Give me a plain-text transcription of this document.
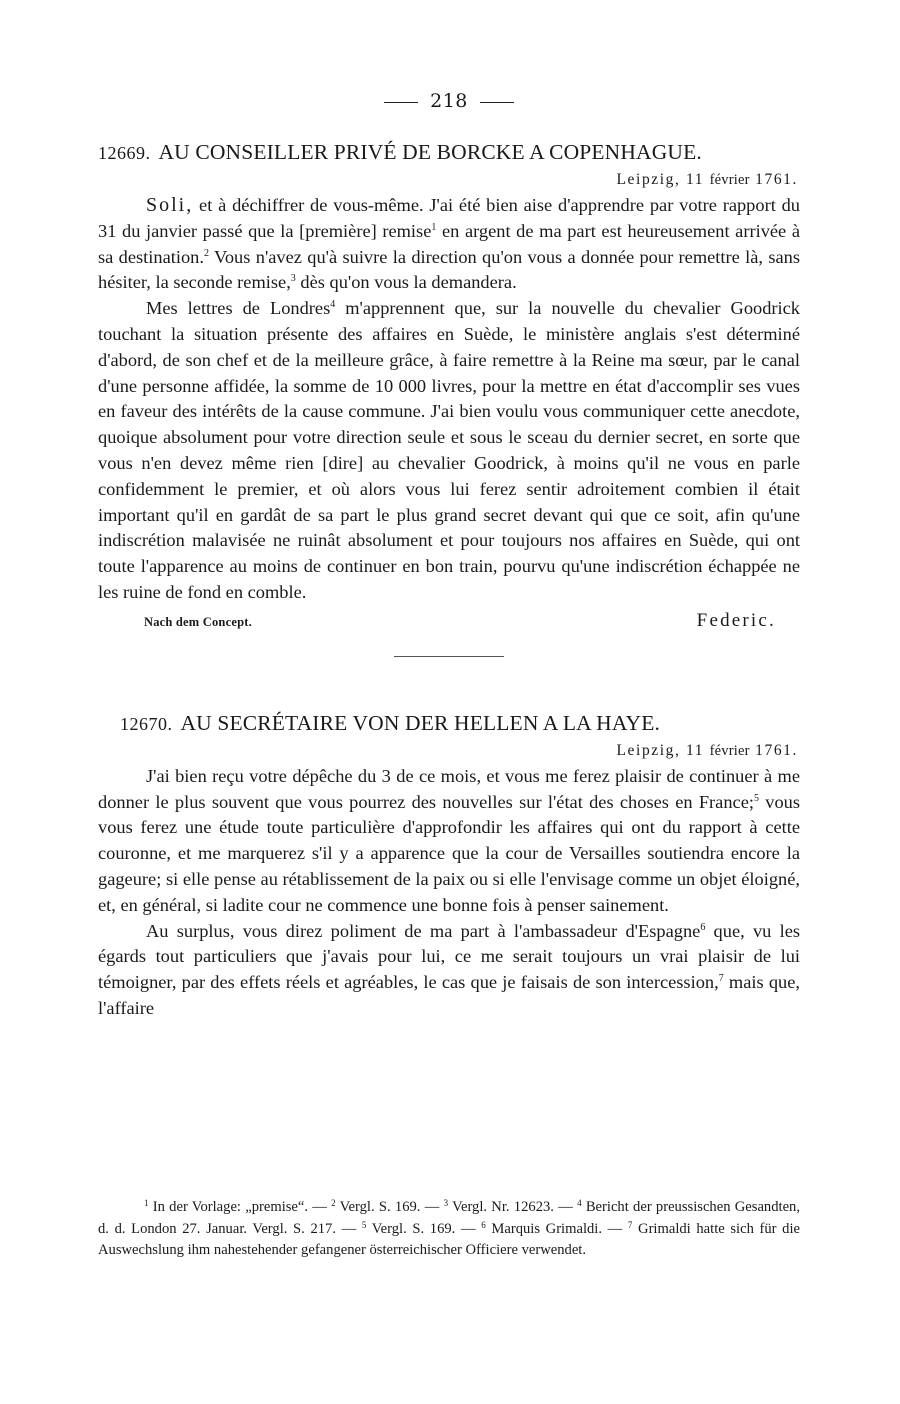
218
12669. AU CONSEILLER PRIVÉ DE BORCKE A COPENHAGUE.
Leipzig, 11 février 1761.

Soli, et à déchiffrer de vous-même. J'ai été bien aise d'apprendre par votre rapport du 31 du janvier passé que la [première] remise$^1$ en argent de ma part est heureusement arrivée à sa destination.$^2$ Vous n'avez qu'à suivre la direction qu'on vous a donnée pour remettre là, sans hésiter, la seconde remise,$^3$ dès qu'on vous la demandera.

Mes lettres de Londres$^4$ m'apprennent que, sur la nouvelle du chevalier Goodrick touchant la situation présente des affaires en Suède, le ministère anglais s'est déterminé d'abord, de son chef et de la meilleure grâce, à faire remettre à la Reine ma sœur, par le canal d'une personne affidée, la somme de 10 000 livres, pour la mettre en état d'accomplir ses vues en faveur des intérêts de la cause commune. J'ai bien voulu vous communiquer cette anecdote, quoique absolument pour votre direction seule et sous le sceau du dernier secret, en sorte que vous n'en devez même rien [dire] au chevalier Goodrick, à moins qu'il ne vous en parle confidemment le premier, et où alors vous lui ferez sentir adroitement combien il était important qu'il en gardât de sa part le plus grand secret devant qui que ce soit, afin qu'une indiscrétion malavisée ne ruinât absolument et pour toujours nos affaires en Suède, qui ont toute l'apparence au moins de continuer en bon train, pourvu qu'une indiscrétion échappée ne les ruine de fond en comble.

Nach dem Concept.	Federic.
12670. AU SECRÉTAIRE VON DER HELLEN A LA HAYE.
Leipzig, 11 février 1761.

J'ai bien reçu votre dépêche du 3 de ce mois, et vous me ferez plaisir de continuer à me donner le plus souvent que vous pourrez des nouvelles sur l'état des choses en France;$^5$ vous vous ferez une étude toute particulière d'approfondir les affaires qui ont du rapport à cette couronne, et me marquerez s'il y a apparence que la cour de Versailles soutiendra encore la gageure; si elle pense au rétablissement de la paix ou si elle l'envisage comme un objet éloigné, et, en général, si ladite cour ne commence une bonne fois à penser sainement.

Au surplus, vous direz poliment de ma part à l'ambassadeur d'Espagne$^6$ que, vu les égards tout particuliers que j'avais pour lui, ce me serait toujours un vrai plaisir de lui témoigner, par des effets réels et agréables, le cas que je faisais de son intercession,$^7$ mais que, l'affaire

$^1$ In der Vorlage: „premise“. — $^2$ Vergl. S. 169. — $^3$ Vergl. Nr. 12623. — $^4$ Bericht der preussischen Gesandten, d. d. London 27. Januar. Vergl. S. 217. — $^5$ Vergl. S. 169. — $^6$ Marquis Grimaldi. — $^7$ Grimaldi hatte sich für die Auswechslung ihm nahestehender gefangener österreichischer Officiere verwendet.
